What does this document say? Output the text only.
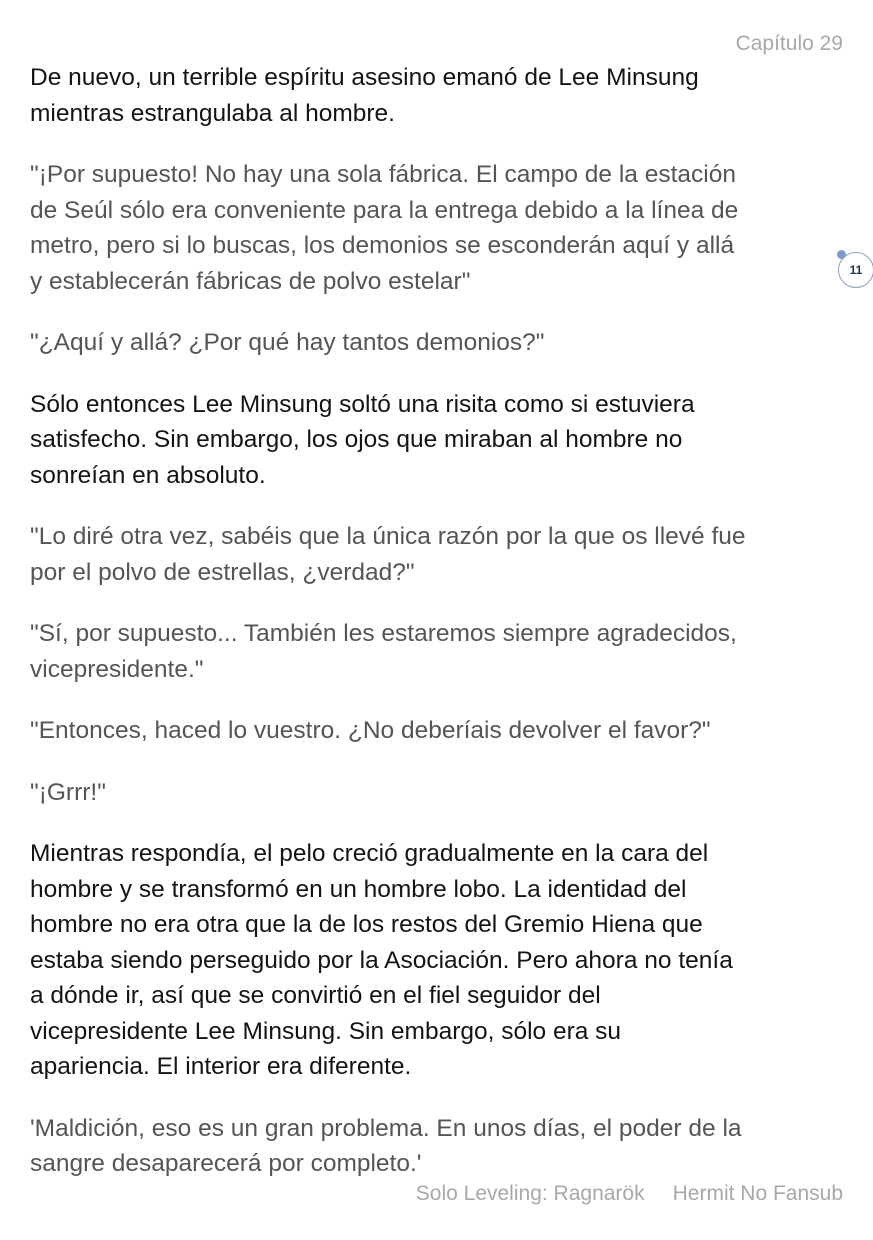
Capítulo 29

De nuevo, un terrible espíritu asesino emanó de Lee Minsung
mientras estrangulaba al hombre.

"¡Por supuesto! No hay una sola fábrica. El campo de la estación
de Seúl sólo era conveniente para la entrega debido a la línea de
metro, pero si lo buscas, los demonios se esconderán aquí y allá
y establecerán fábricas de polvo estelar"

"¿Aquí y allá? ¿Por qué hay tantos demonios?"

Sólo entonces Lee Minsung soltó una risita como si estuviera
satisfecho. Sin embargo, los ojos que miraban al hombre no
sonreían en absoluto.

"Lo diré otra vez, sabéis que la única razón por la que os llevé fue
por el polvo de estrellas, ¿verdad?"

"Sí, por supuesto... También les estaremos siempre agradecidos,
vicepresidente."

"Entonces, haced lo vuestro. ¿No deberíais devolver el favor?"

"¡Grrr!"

Mientras respondía, el pelo creció gradualmente en la cara del
hombre y se transformó en un hombre lobo. La identidad del
hombre no era otra que la de los restos del Gremio Hiena que
estaba siendo perseguido por la Asociación. Pero ahora no tenía
a dónde ir, así que se convirtió en el fiel seguidor del
vicepresidente Lee Minsung. Sin embargo, sólo era su
apariencia. El interior era diferente.

'Maldición, eso es un gran problema. En unos días, el poder de la
sangre desaparecerá por completo.'

11
Solo Leveling: Ragnarök Hermit No Fansub
